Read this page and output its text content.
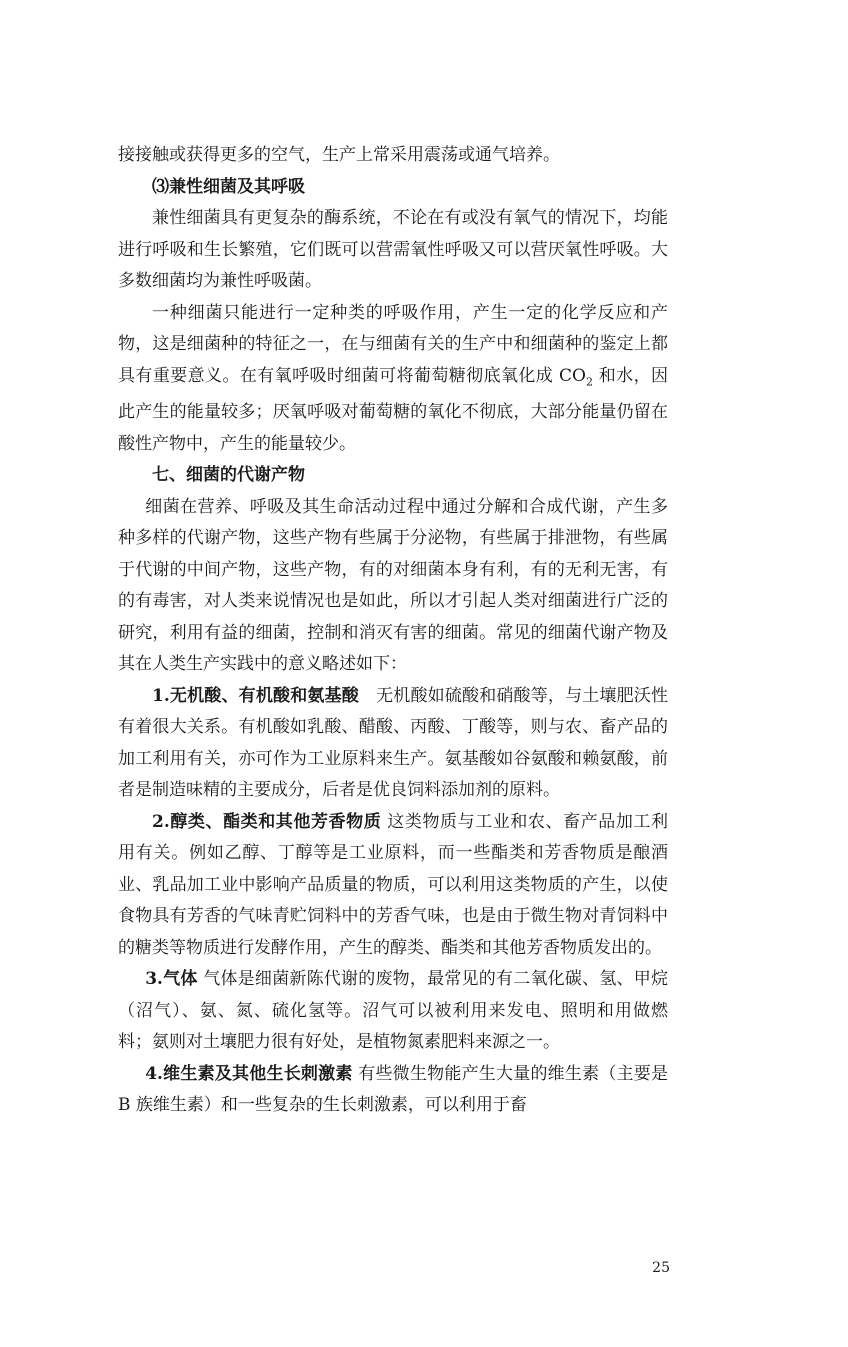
接接触或获得更多的空气，生产上常采用震荡或通气培养。

⑶兼性细菌及其呼吸

兼性细菌具有更复杂的酶系统，不论在有或没有氧气的情况下，均能进行呼吸和生长繁殖，它们既可以营需氧性呼吸又可以营厌氧性呼吸。大多数细菌均为兼性呼吸菌。

一种细菌只能进行一定种类的呼吸作用，产生一定的化学反应和产物，这是细菌种的特征之一，在与细菌有关的生产中和细菌种的鉴定上都具有重要意义。在有氧呼吸时细菌可将葡萄糖彻底氧化成 $CO_2$ 和水，因此产生的能量较多；厌氧呼吸对葡萄糖的氧化不彻底，大部分能量仍留在酸性产物中，产生的能量较少。

七、细菌的代谢产物

细菌在营养、呼吸及其生命活动过程中通过分解和合成代谢，产生多种多样的代谢产物，这些产物有些属于分泌物，有些属于排泄物，有些属于代谢的中间产物，这些产物，有的对细菌本身有利，有的无利无害，有的有毒害，对人类来说情况也是如此，所以才引起人类对细菌进行广泛的研究，利用有益的细菌，控制和消灭有害的细菌。常见的细菌代谢产物及其在人类生产实践中的意义略述如下：

1.无机酸、有机酸和氨基酸　无机酸如硫酸和硝酸等，与土壤肥沃性有着很大关系。有机酸如乳酸、醋酸、丙酸、丁酸等，则与农、畜产品的加工利用有关，亦可作为工业原料来生产。氨基酸如谷氨酸和赖氨酸，前者是制造味精的主要成分，后者是优良饲料添加剂的原料。

2.醇类、酯类和其他芳香物质 这类物质与工业和农、畜产品加工利用有关。例如乙醇、丁醇等是工业原料，而一些酯类和芳香物质是酿酒业、乳品加工业中影响产品质量的物质，可以利用这类物质的产生，以使食物具有芳香的气味青贮饲料中的芳香气味，也是由于微生物对青饲料中的糖类等物质进行发酵作用，产生的醇类、酯类和其他芳香物质发出的。

3.气体 气体是细菌新陈代谢的废物，最常见的有二氧化碳、氢、甲烷（沼气）、氨、氮、硫化氢等。沼气可以被利用来发电、照明和用做燃料；氨则对土壤肥力很有好处，是植物氮素肥料来源之一。

4.维生素及其他生长刺激素 有些微生物能产生大量的维生素（主要是 B 族维生素）和一些复杂的生长刺激素，可以利用于畜

25
